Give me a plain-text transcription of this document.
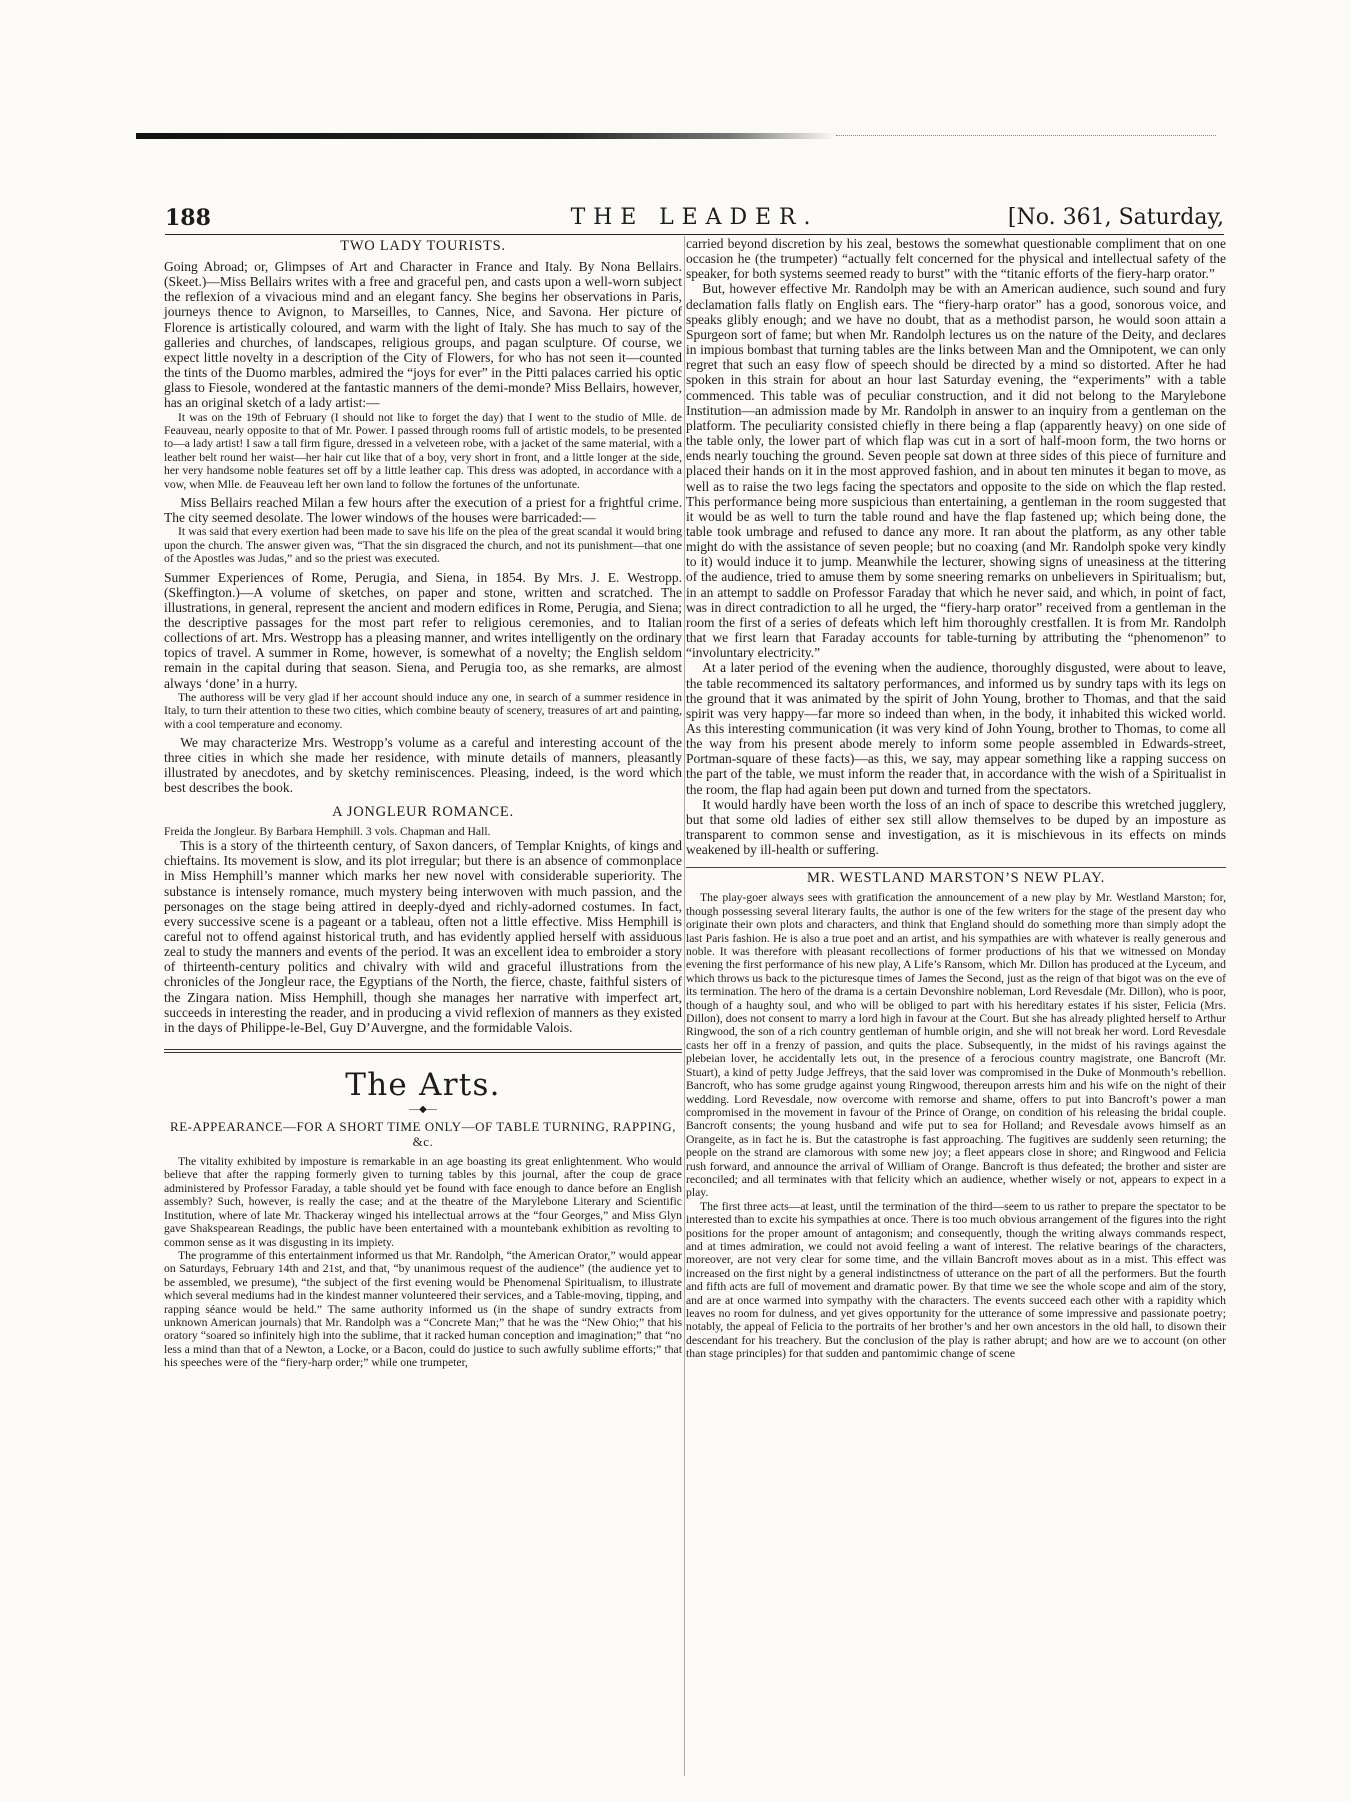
188	THE LEADER.	[No. 361, Saturday,
TWO LADY TOURISTS.

Going Abroad; or, Glimpses of Art and Character in France and Italy. By Nona Bellairs. (Skeet.)—Miss Bellairs writes with a free and graceful pen, and casts upon a well-worn subject the reflexion of a vivacious mind and an elegant fancy. She begins her observations in Paris, journeys thence to Avignon, to Marseilles, to Cannes, Nice, and Savona. Her picture of Florence is artistically coloured, and warm with the light of Italy. She has much to say of the galleries and churches, of landscapes, religious groups, and pagan sculpture. Of course, we expect little novelty in a description of the City of Flowers, for who has not seen it—counted the tints of the Duomo marbles, admired the “joys for ever” in the Pitti palaces carried his optic glass to Fiesole, wondered at the fantastic manners of the demi-monde? Miss Bellairs, however, has an original sketch of a lady artist:—

It was on the 19th of February (I should not like to forget the day) that I went to the studio of Mlle. de Feauveau, nearly opposite to that of Mr. Power. I passed through rooms full of artistic models, to be presented to—a lady artist! I saw a tall firm figure, dressed in a velveteen robe, with a jacket of the same material, with a leather belt round her waist—her hair cut like that of a boy, very short in front, and a little longer at the side, her very handsome noble features set off by a little leather cap. This dress was adopted, in accordance with a vow, when Mlle. de Feauveau left her own land to follow the fortunes of the unfortunate.

Miss Bellairs reached Milan a few hours after the execution of a priest for a frightful crime. The city seemed desolate. The lower windows of the houses were barricaded:—

It was said that every exertion had been made to save his life on the plea of the great scandal it would bring upon the church. The answer given was, “That the sin disgraced the church, and not its punishment—that one of the Apostles was Judas,” and so the priest was executed.

Summer Experiences of Rome, Perugia, and Siena, in 1854. By Mrs. J. E. Westropp. (Skeffington.)—A volume of sketches, on paper and stone, written and scratched. The illustrations, in general, represent the ancient and modern edifices in Rome, Perugia, and Siena; the descriptive passages for the most part refer to religious ceremonies, and to Italian collections of art. Mrs. Westropp has a pleasing manner, and writes intelligently on the ordinary topics of travel. A summer in Rome, however, is somewhat of a novelty; the English seldom remain in the capital during that season. Siena, and Perugia too, as she remarks, are almost always ‘done’ in a hurry.

The authoress will be very glad if her account should induce any one, in search of a summer residence in Italy, to turn their attention to these two cities, which combine beauty of scenery, treasures of art and painting, with a cool temperature and economy.

We may characterize Mrs. Westropp’s volume as a careful and interesting account of the three cities in which she made her residence, with minute details of manners, pleasantly illustrated by anecdotes, and by sketchy reminiscences. Pleasing, indeed, is the word which best describes the book.

A JONGLEUR ROMANCE.

Freida the Jongleur. By Barbara Hemphill. 3 vols. Chapman and Hall.

This is a story of the thirteenth century, of Saxon dancers, of Templar Knights, of kings and chieftains. Its movement is slow, and its plot irregular; but there is an absence of commonplace in Miss Hemphill’s manner which marks her new novel with considerable superiority. The substance is intensely romance, much mystery being interwoven with much passion, and the personages on the stage being attired in deeply-dyed and richly-adorned costumes. In fact, every successive scene is a pageant or a tableau, often not a little effective. Miss Hemphill is careful not to offend against historical truth, and has evidently applied herself with assiduous zeal to study the manners and events of the period. It was an excellent idea to embroider a story of thirteenth-century politics and chivalry with wild and graceful illustrations from the chronicles of the Jongleur race, the Egyptians of the North, the fierce, chaste, faithful sisters of the Zingara nation. Miss Hemphill, though she manages her narrative with imperfect art, succeeds in interesting the reader, and in producing a vivid reflexion of manners as they existed in the days of Philippe-le-Bel, Guy D’Auvergne, and the formidable Valois.

The Arts.
—◆—
RE-APPEARANCE—FOR A SHORT TIME ONLY—OF TABLE TURNING, RAPPING, &c.

The vitality exhibited by imposture is remarkable in an age boasting its great enlightenment. Who would believe that after the rapping formerly given to turning tables by this journal, after the coup de grace administered by Professor Faraday, a table should yet be found with face enough to dance before an English assembly? Such, however, is really the case; and at the theatre of the Marylebone Literary and Scientific Institution, where of late Mr. Thackeray winged his intellectual arrows at the “four Georges,” and Miss Glyn gave Shakspearean Readings, the public have been entertained with a mountebank exhibition as revolting to common sense as it was disgusting in its impiety.

The programme of this entertainment informed us that Mr. Randolph, “the American Orator,” would appear on Saturdays, February 14th and 21st, and that, “by unanimous request of the audience” (the audience yet to be assembled, we presume), “the subject of the first evening would be Phenomenal Spiritualism, to illustrate which several mediums had in the kindest manner volunteered their services, and a Table-moving, tipping, and rapping séance would be held.” The same authority informed us (in the shape of sundry extracts from unknown American journals) that Mr. Randolph was a “Concrete Man;” that he was the “New Ohio;” that his oratory “soared so infinitely high into the sublime, that it racked human conception and imagination;” that “no less a mind than that of a Newton, a Locke, or a Bacon, could do justice to such awfully sublime efforts;” that his speeches were of the “fiery-harp order;” while one trumpeter,

carried beyond discretion by his zeal, bestows the somewhat questionable compliment that on one occasion he (the trumpeter) “actually felt concerned for the physical and intellectual safety of the speaker, for both systems seemed ready to burst” with the “titanic efforts of the fiery-harp orator.”

But, however effective Mr. Randolph may be with an American audience, such sound and fury declamation falls flatly on English ears. The “fiery-harp orator” has a good, sonorous voice, and speaks glibly enough; and we have no doubt, that as a methodist parson, he would soon attain a Spurgeon sort of fame; but when Mr. Randolph lectures us on the nature of the Deity, and declares in impious bombast that turning tables are the links between Man and the Omnipotent, we can only regret that such an easy flow of speech should be directed by a mind so distorted. After he had spoken in this strain for about an hour last Saturday evening, the “experiments” with a table commenced. This table was of peculiar construction, and it did not belong to the Marylebone Institution—an admission made by Mr. Randolph in answer to an inquiry from a gentleman on the platform. The peculiarity consisted chiefly in there being a flap (apparently heavy) on one side of the table only, the lower part of which flap was cut in a sort of half-moon form, the two horns or ends nearly touching the ground. Seven people sat down at three sides of this piece of furniture and placed their hands on it in the most approved fashion, and in about ten minutes it began to move, as well as to raise the two legs facing the spectators and opposite to the side on which the flap rested. This performance being more suspicious than entertaining, a gentleman in the room suggested that it would be as well to turn the table round and have the flap fastened up; which being done, the table took umbrage and refused to dance any more. It ran about the platform, as any other table might do with the assistance of seven people; but no coaxing (and Mr. Randolph spoke very kindly to it) would induce it to jump. Meanwhile the lecturer, showing signs of uneasiness at the tittering of the audience, tried to amuse them by some sneering remarks on unbelievers in Spiritualism; but, in an attempt to saddle on Professor Faraday that which he never said, and which, in point of fact, was in direct contradiction to all he urged, the “fiery-harp orator” received from a gentleman in the room the first of a series of defeats which left him thoroughly crestfallen. It is from Mr. Randolph that we first learn that Faraday accounts for table-turning by attributing the “phenomenon” to “involuntary electricity.”

At a later period of the evening when the audience, thoroughly disgusted, were about to leave, the table recommenced its saltatory performances, and informed us by sundry taps with its legs on the ground that it was animated by the spirit of John Young, brother to Thomas, and that the said spirit was very happy—far more so indeed than when, in the body, it inhabited this wicked world. As this interesting communication (it was very kind of John Young, brother to Thomas, to come all the way from his present abode merely to inform some people assembled in Edwards-street, Portman-square of these facts)—as this, we say, may appear something like a rapping success on the part of the table, we must inform the reader that, in accordance with the wish of a Spiritualist in the room, the flap had again been put down and turned from the spectators.

It would hardly have been worth the loss of an inch of space to describe this wretched jugglery, but that some old ladies of either sex still allow themselves to be duped by an imposture as transparent to common sense and investigation, as it is mischievous in its effects on minds weakened by ill-health or suffering.

MR. WESTLAND MARSTON’S NEW PLAY.

The play-goer always sees with gratification the announcement of a new play by Mr. Westland Marston; for, though possessing several literary faults, the author is one of the few writers for the stage of the present day who originate their own plots and characters, and think that England should do something more than simply adopt the last Paris fashion. He is also a true poet and an artist, and his sympathies are with whatever is really generous and noble. It was therefore with pleasant recollections of former productions of his that we witnessed on Monday evening the first performance of his new play, A Life’s Ransom, which Mr. Dillon has produced at the Lyceum, and which throws us back to the picturesque times of James the Second, just as the reign of that bigot was on the eve of its termination. The hero of the drama is a certain Devonshire nobleman, Lord Revesdale (Mr. Dillon), who is poor, though of a haughty soul, and who will be obliged to part with his hereditary estates if his sister, Felicia (Mrs. Dillon), does not consent to marry a lord high in favour at the Court. But she has already plighted herself to Arthur Ringwood, the son of a rich country gentleman of humble origin, and she will not break her word. Lord Revesdale casts her off in a frenzy of passion, and quits the place. Subsequently, in the midst of his ravings against the plebeian lover, he accidentally lets out, in the presence of a ferocious country magistrate, one Bancroft (Mr. Stuart), a kind of petty Judge Jeffreys, that the said lover was compromised in the Duke of Monmouth’s rebellion. Bancroft, who has some grudge against young Ringwood, thereupon arrests him and his wife on the night of their wedding. Lord Revesdale, now overcome with remorse and shame, offers to put into Bancroft’s power a man compromised in the movement in favour of the Prince of Orange, on condition of his releasing the bridal couple. Bancroft consents; the young husband and wife put to sea for Holland; and Revesdale avows himself as an Orangeite, as in fact he is. But the catastrophe is fast approaching. The fugitives are suddenly seen returning; the people on the strand are clamorous with some new joy; a fleet appears close in shore; and Ringwood and Felicia rush forward, and announce the arrival of William of Orange. Bancroft is thus defeated; the brother and sister are reconciled; and all terminates with that felicity which an audience, whether wisely or not, appears to expect in a play.

The first three acts—at least, until the termination of the third—seem to us rather to prepare the spectator to be interested than to excite his sympathies at once. There is too much obvious arrangement of the figures into the right positions for the proper amount of antagonism; and consequently, though the writing always commands respect, and at times admiration, we could not avoid feeling a want of interest. The relative bearings of the characters, moreover, are not very clear for some time, and the villain Bancroft moves about as in a mist. This effect was increased on the first night by a general indistinctness of utterance on the part of all the performers. But the fourth and fifth acts are full of movement and dramatic power. By that time we see the whole scope and aim of the story, and are at once warmed into sympathy with the characters. The events succeed each other with a rapidity which leaves no room for dulness, and yet gives opportunity for the utterance of some impressive and passionate poetry; notably, the appeal of Felicia to the portraits of her brother’s and her own ancestors in the old hall, to disown their descendant for his treachery. But the conclusion of the play is rather abrupt; and how are we to account (on other than stage principles) for that sudden and pantomimic change of scene
